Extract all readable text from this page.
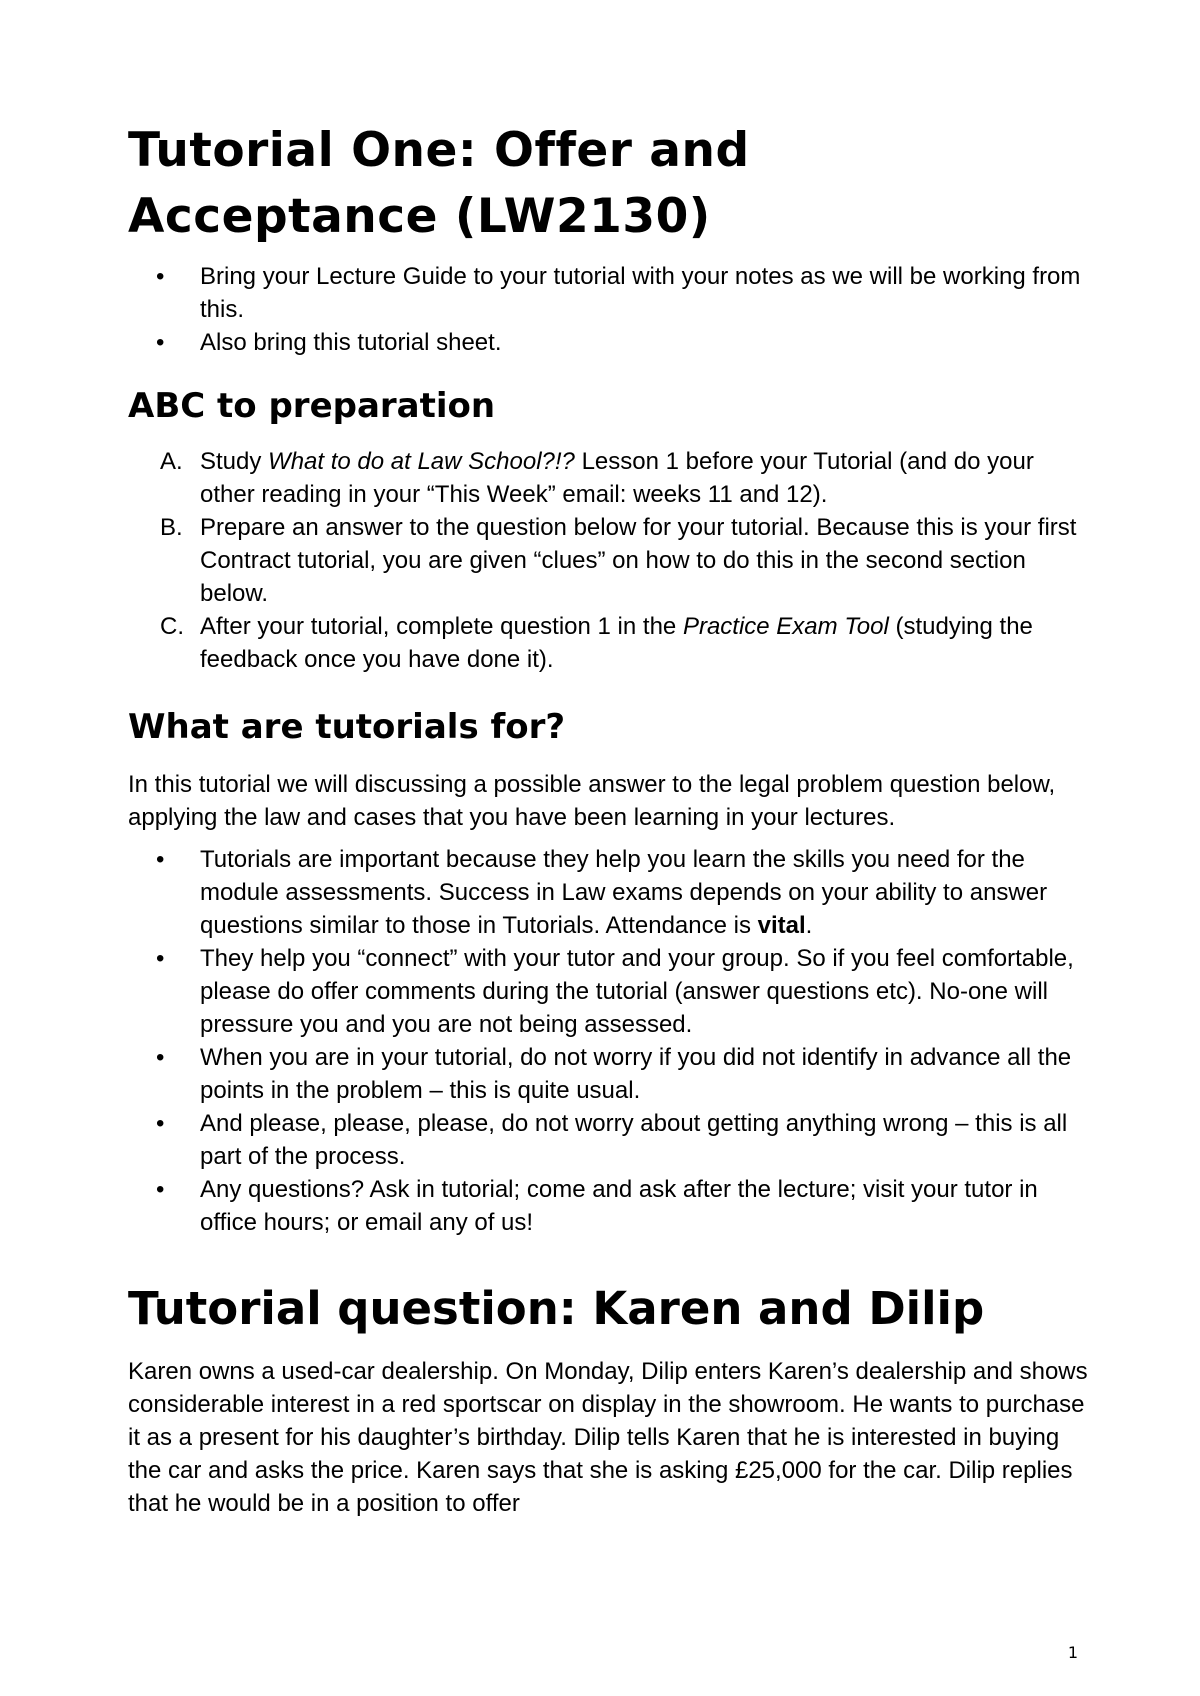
Tutorial One: Offer and
Acceptance (LW2130)
• Bring your Lecture Guide to your tutorial with your notes as we will be working from this.
• Also bring this tutorial sheet.
ABC to preparation
A. Study What to do at Law School?!? Lesson 1 before your Tutorial (and do your other reading in your “This Week” email: weeks 11 and 12).
B. Prepare an answer to the question below for your tutorial. Because this is your first Contract tutorial, you are given “clues” on how to do this in the second section below.
C. After your tutorial, complete question 1 in the Practice Exam Tool (studying the feedback once you have done it).
What are tutorials for?

In this tutorial we will discussing a possible answer to the legal problem question below, applying the law and cases that you have been learning in your lectures.

• Tutorials are important because they help you learn the skills you need for the module assessments. Success in Law exams depends on your ability to answer questions similar to those in Tutorials. Attendance is vital.
• They help you “connect” with your tutor and your group. So if you feel comfortable, please do offer comments during the tutorial (answer questions etc). No-one will pressure you and you are not being assessed.
• When you are in your tutorial, do not worry if you did not identify in advance all the points in the problem – this is quite usual.
• And please, please, please, do not worry about getting anything wrong – this is all part of the process.
• Any questions? Ask in tutorial; come and ask after the lecture; visit your tutor in office hours; or email any of us!
Tutorial question: Karen and Dilip

Karen owns a used-car dealership. On Monday, Dilip enters Karen’s dealership and shows considerable interest in a red sportscar on display in the showroom. He wants to purchase it as a present for his daughter’s birthday. Dilip tells Karen that he is interested in buying the car and asks the price. Karen says that she is asking £25,000 for the car. Dilip replies that he would be in a position to offer

1
